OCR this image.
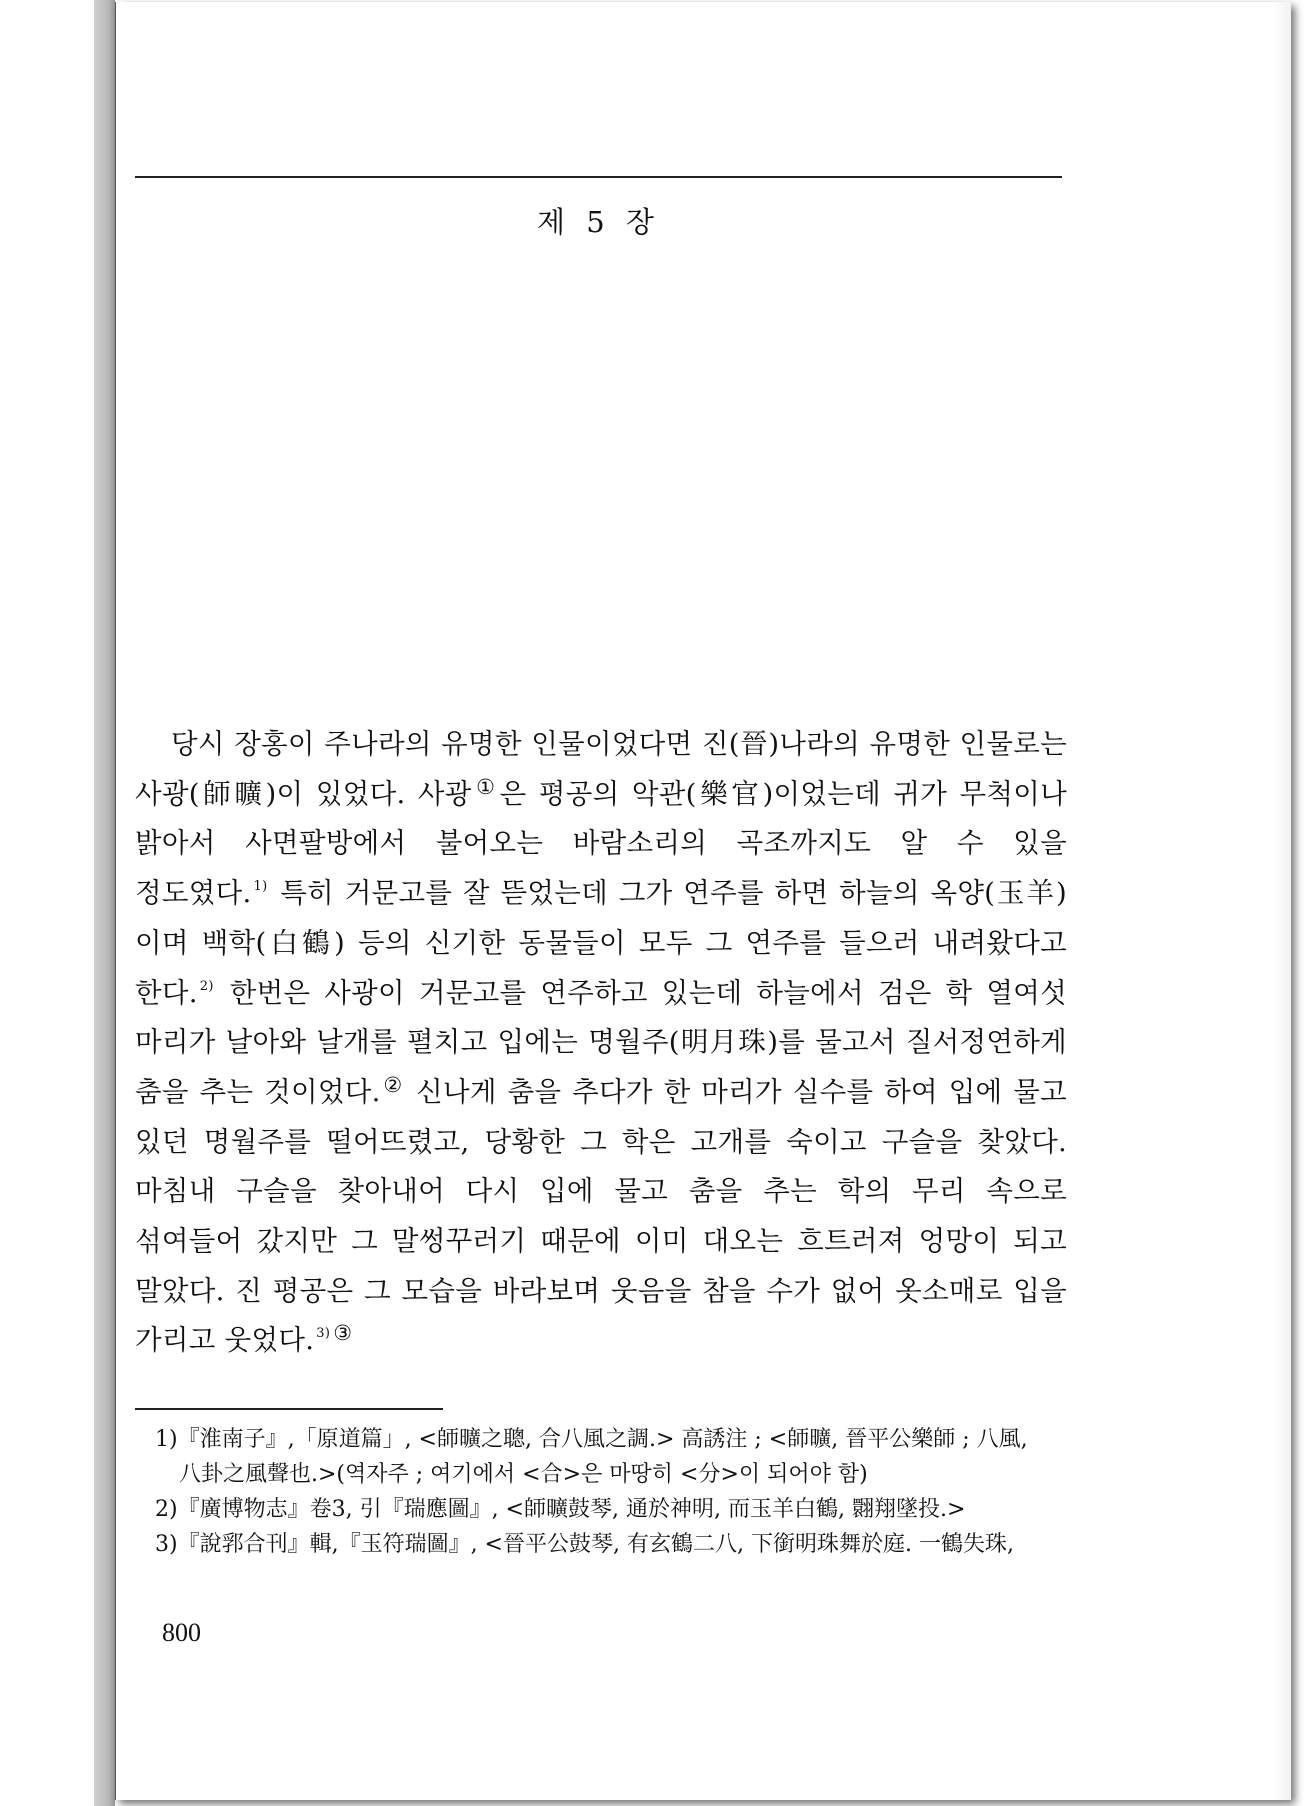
제 5 장

당시 장홍이 주나라의 유명한 인물이었다면 진(晉)나라의 유명한 인물로는 사광(師曠)이 있었다. 사광①은 평공의 악관(樂官)이었는데 귀가 무척이나 밝아서 사면팔방에서 불어오는 바람소리의 곡조까지도 알 수 있을 정도였다. $^{1)}$ 특히 거문고를 잘 뜯었는데 그가 연주를 하면 하늘의 옥양(玉羊)이며 백학(白鶴) 등의 신기한 동물들이 모두 그 연주를 들으러 내려왔다고 한다. $^{2)}$ 한번은 사광이 거문고를 연주하고 있는데 하늘에서 검은 학 열여섯 마리가 날아와 날개를 펼치고 입에는 명월주(明月珠)를 물고서 질서정연하게 춤을 추는 것이었다.② 신나게 춤을 추다가 한 마리가 실수를 하여 입에 물고 있던 명월주를 떨어뜨렸고, 당황한 그 학은 고개를 숙이고 구슬을 찾았다. 마침내 구슬을 찾아내어 다시 입에 물고 춤을 추는 학의 무리 속으로 섞여들어 갔지만 그 말썽꾸러기 때문에 이미 대오는 흐트러져 엉망이 되고 말았다. 진 평공은 그 모습을 바라보며 웃음을 참을 수가 없어 옷소매로 입을 가리고 웃었다. $^{3)}$ ③

1)『淮南子』,「原道篇」, <師曠之聰, 合八風之調.> 高誘注 ; <師曠, 晉平公樂師 ; 八風,
八卦之風聲也.>(역자주 ; 여기에서 <合>은 마땅히 <分>이 되어야 함)
2)『廣博物志』卷3, 引『瑞應圖』, <師曠鼓琴, 通於神明, 而玉羊白鶴, 翾翔墜投.>
3)『說郛合刊』輯,『玉符瑞圖』, <晉平公鼓琴, 有玄鶴二八, 下銜明珠舞於庭. 一鶴失珠,
800
